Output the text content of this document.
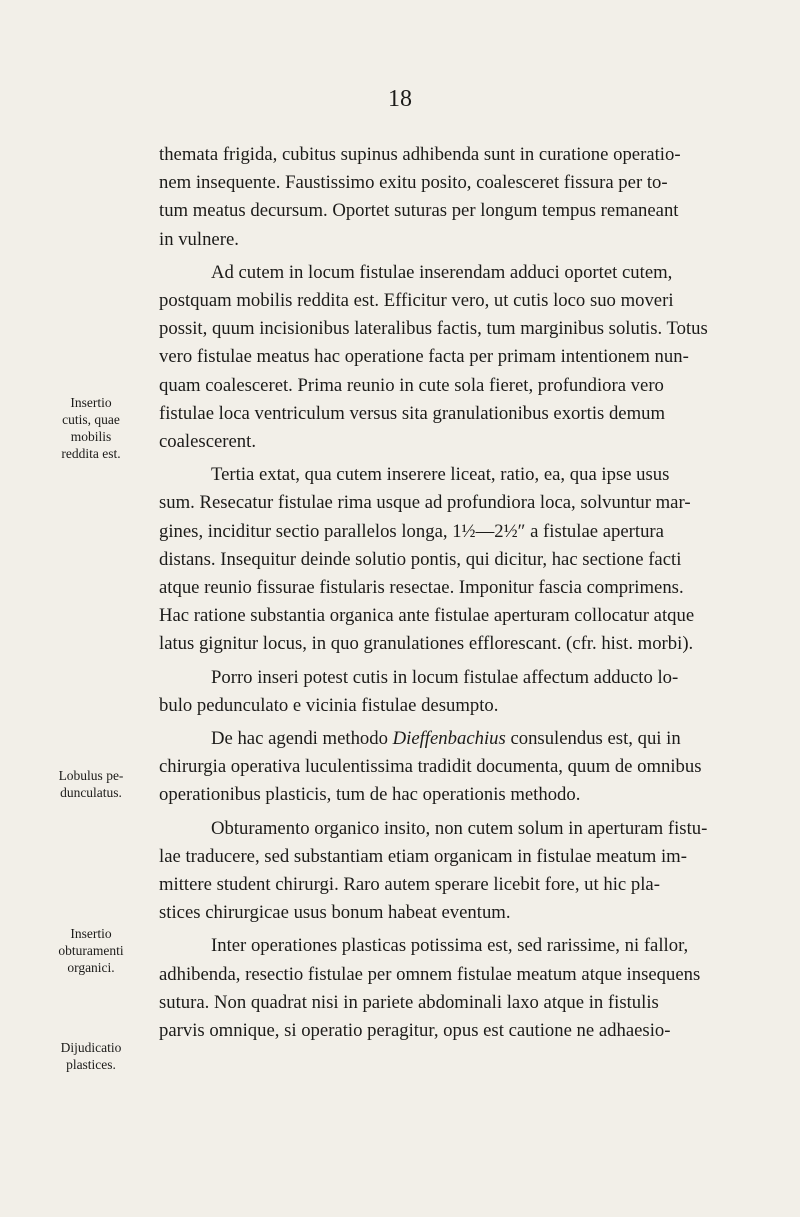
18
Insertio
cutis, quae
mobilis
reddita est.
Lobulus pe-
dunculatus.
Insertio
obturamenti
organici.
Dijudicatio
plastices.

themata frigida, cubitus supinus adhibenda sunt in curatione operatio-
nem insequente. Faustissimo exitu posito, coalesceret fissura per to-
tum meatus decursum. Oportet suturas per longum tempus remaneant
in vulnere.

Ad cutem in locum fistulae inserendam adduci oportet cutem,
postquam mobilis reddita est. Efficitur vero, ut cutis loco suo moveri
possit, quum incisionibus lateralibus factis, tum marginibus solutis. Totus
vero fistulae meatus hac operatione facta per primam intentionem nun-
quam coalesceret. Prima reunio in cute sola fieret, profundiora vero
fistulae loca ventriculum versus sita granulationibus exortis demum
coalescerent.

Tertia extat, qua cutem inserere liceat, ratio, ea, qua ipse usus
sum. Resecatur fistulae rima usque ad profundiora loca, solvuntur mar-
gines, inciditur sectio parallelos longa, 1½—2½″ a fistulae apertura
distans. Insequitur deinde solutio pontis, qui dicitur, hac sectione facti
atque reunio fissurae fistularis resectae. Imponitur fascia comprimens.
Hac ratione substantia organica ante fistulae aperturam collocatur atque
latus gignitur locus, in quo granulationes efflorescant. (cfr. hist. morbi).

Porro inseri potest cutis in locum fistulae affectum adducto lo-
bulo pedunculato e vicinia fistulae desumpto.

De hac agendi methodo Dieffenbachius consulendus est, qui in
chirurgia operativa luculentissima tradidit documenta, quum de omnibus
operationibus plasticis, tum de hac operationis methodo.

Obturamento organico insito, non cutem solum in aperturam fistu-
lae traducere, sed substantiam etiam organicam in fistulae meatum im-
mittere student chirurgi. Raro autem sperare licebit fore, ut hic pla-
stices chirurgicae usus bonum habeat eventum.

Inter operationes plasticas potissima est, sed rarissime, ni fallor,
adhibenda, resectio fistulae per omnem fistulae meatum atque insequens
sutura. Non quadrat nisi in pariete abdominali laxo atque in fistulis
parvis omnique, si operatio peragitur, opus est cautione ne adhaesio-
